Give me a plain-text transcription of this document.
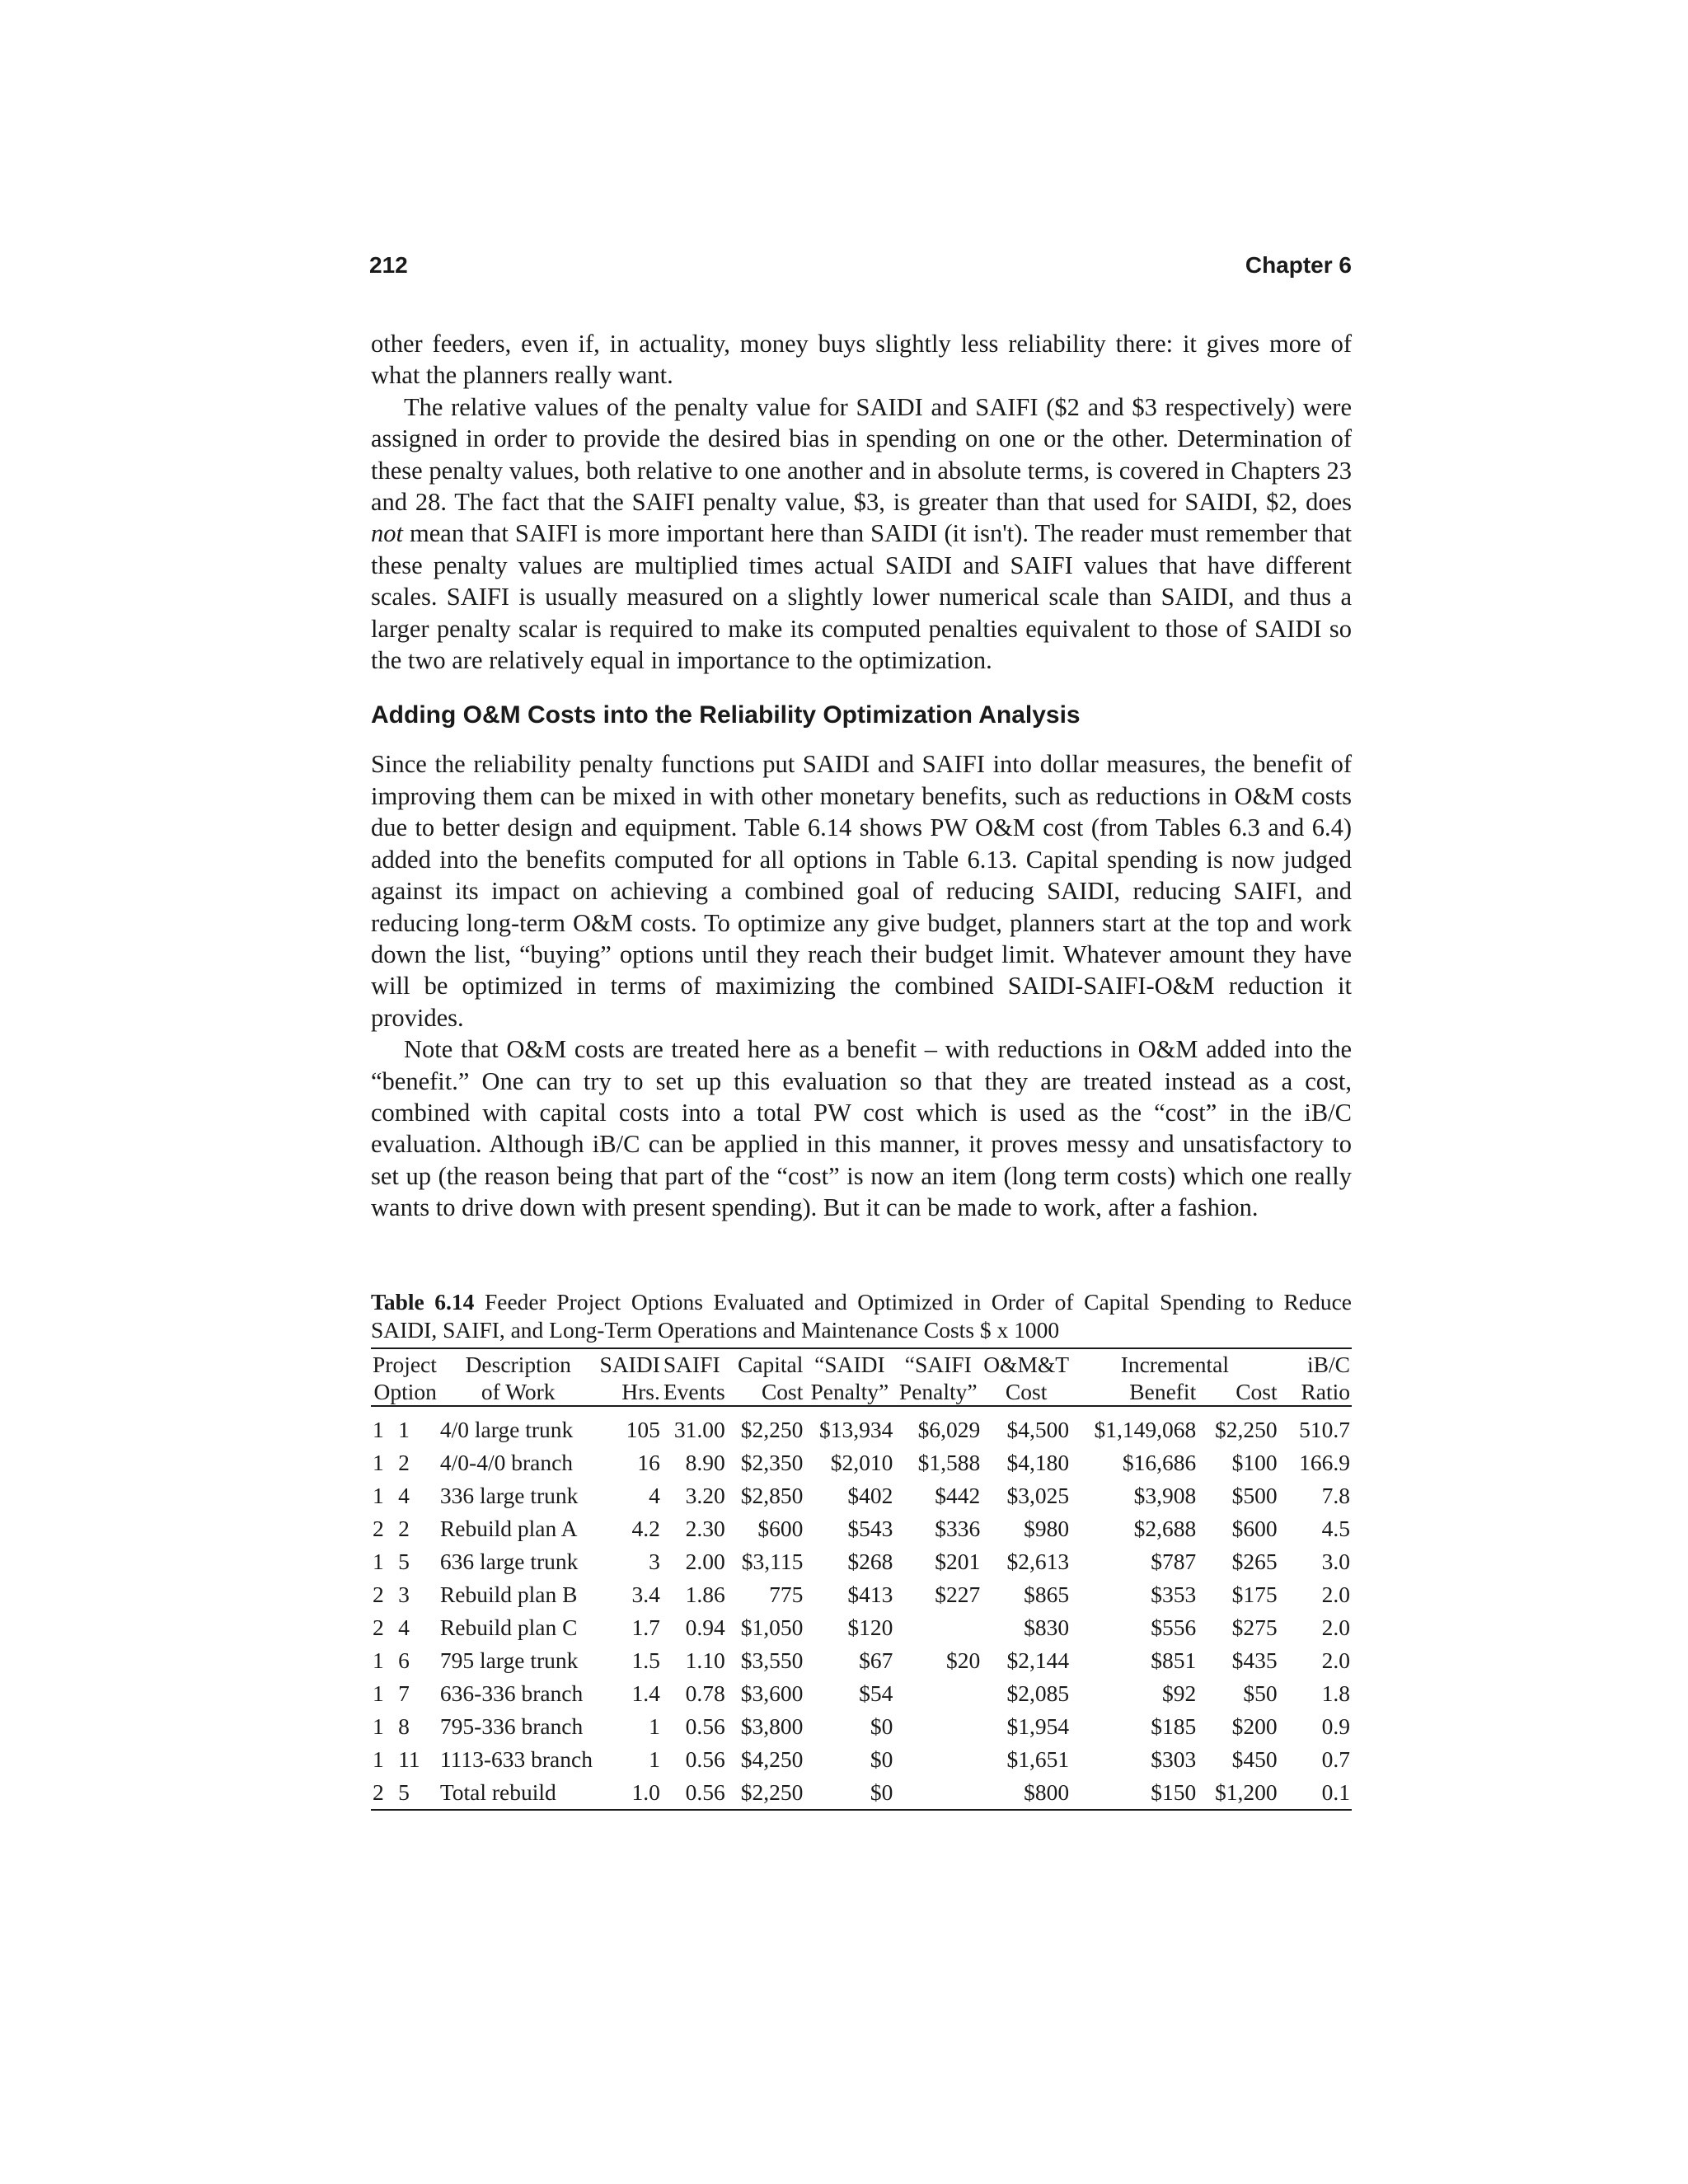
212	Chapter 6

other feeders, even if, in actuality, money buys slightly less reliability there: it gives more of what the planners really want.

The relative values of the penalty value for SAIDI and SAIFI ($2 and $3 respectively) were assigned in order to provide the desired bias in spending on one or the other. Determination of these penalty values, both relative to one another and in absolute terms, is covered in Chapters 23 and 28. The fact that the SAIFI penalty value, $3, is greater than that used for SAIDI, $2, does not mean that SAIFI is more important here than SAIDI (it isn't). The reader must remember that these penalty values are multiplied times actual SAIDI and SAIFI values that have different scales. SAIFI is usually measured on a slightly lower numerical scale than SAIDI, and thus a larger penalty scalar is required to make its computed penalties equivalent to those of SAIDI so the two are relatively equal in importance to the optimization.

Adding O&M Costs into the Reliability Optimization Analysis

Since the reliability penalty functions put SAIDI and SAIFI into dollar measures, the benefit of improving them can be mixed in with other monetary benefits, such as reductions in O&M costs due to better design and equipment. Table 6.14 shows PW O&M cost (from Tables 6.3 and 6.4) added into the benefits computed for all options in Table 6.13. Capital spending is now judged against its impact on achieving a combined goal of reducing SAIDI, reducing SAIFI, and reducing long-term O&M costs. To optimize any give budget, planners start at the top and work down the list, “buying” options until they reach their budget limit. Whatever amount they have will be optimized in terms of maximizing the combined SAIDI-SAIFI-O&M reduction it provides.

Note that O&M costs are treated here as a benefit – with reductions in O&M added into the “benefit.” One can try to set up this evaluation so that they are treated instead as a cost, combined with capital costs into a total PW cost which is used as the “cost” in the iB/C evaluation. Although iB/C can be applied in this manner, it proves messy and unsatisfactory to set up (the reason being that part of the “cost” is now an item (long term costs) which one really wants to drive down with present spending). But it can be made to work, after a fashion.

Table 6.14 Feeder Project Options Evaluated and Optimized in Order of Capital Spending to Reduce SAIDI, SAIFI, and Long-Term Operations and Maintenance Costs $ x 1000
Project		Description	SAIDI	SAIFI	Capital	“SAIDI	“SAIFI	O&M&T	Incremental		iB/C
Option		of Work	Hrs.	Events	Cost	Penalty”	Penalty”	Cost	Benefit	Cost	Ratio
1	1	4/0 large trunk	105	31.00	$2,250	$13,934	$6,029	$4,500	$1,149,068	$2,250	510.7
1	2	4/0-4/0 branch	16	8.90	$2,350	$2,010	$1,588	$4,180	$16,686	$100	166.9
1	4	336 large trunk	4	3.20	$2,850	$402	$442	$3,025	$3,908	$500	7.8
2	2	Rebuild plan A	4.2	2.30	$600	$543	$336	$980	$2,688	$600	4.5
1	5	636 large trunk	3	2.00	$3,115	$268	$201	$2,613	$787	$265	3.0
2	3	Rebuild plan B	3.4	1.86	775	$413	$227	$865	$353	$175	2.0
2	4	Rebuild plan C	1.7	0.94	$1,050	$120		$830	$556	$275	2.0
1	6	795 large trunk	1.5	1.10	$3,550	$67	$20	$2,144	$851	$435	2.0
1	7	636-336 branch	1.4	0.78	$3,600	$54		$2,085	$92	$50	1.8
1	8	795-336 branch	1	0.56	$3,800	$0		$1,954	$185	$200	0.9
1	11	1113-633 branch	1	0.56	$4,250	$0		$1,651	$303	$450	0.7
2	5	Total rebuild	1.0	0.56	$2,250	$0		$800	$150	$1,200	0.1
